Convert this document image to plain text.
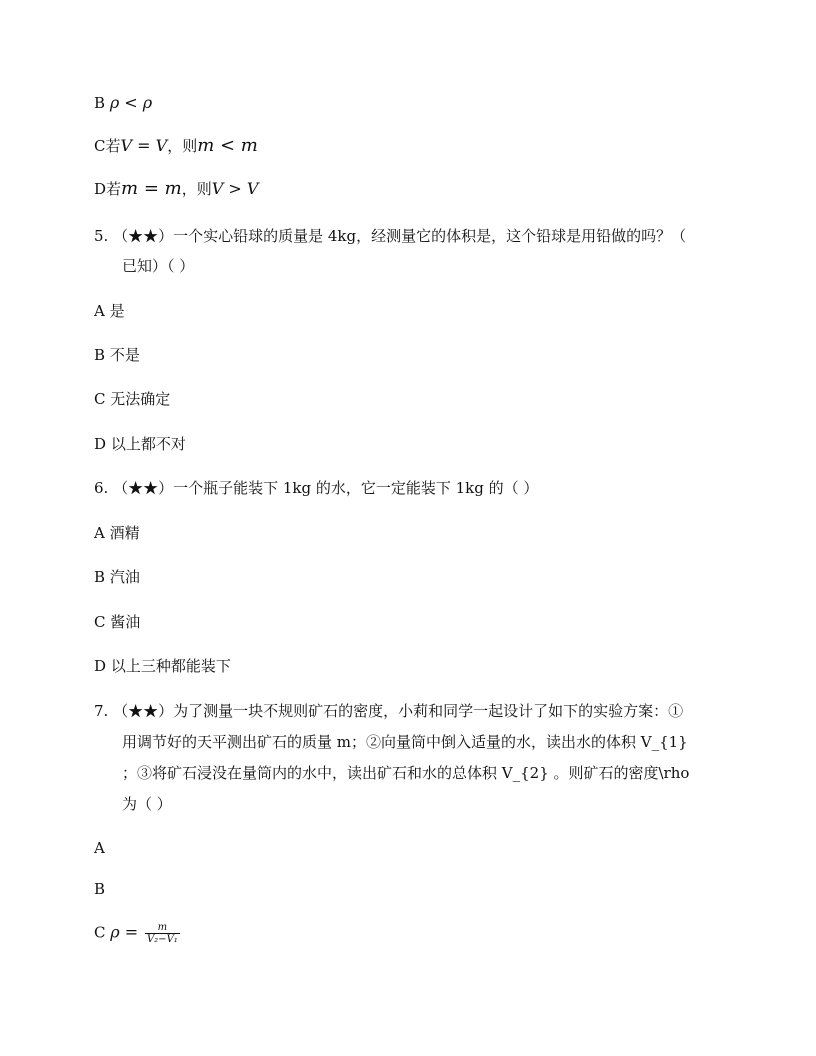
B ρ < ρ
C若V = V，则m < m
D若m = m，则V > V
5. （★★）一个实心铅球的质量是 4kg，经测量它的体积是，这个铅球是用铅做的吗？（
已知）（ ）
A 是
B 不是
C 无法确定
D 以上都不对
6. （★★）一个瓶子能装下 1kg 的水，它一定能装下 1kg 的（ ）
A 酒精
B 汽油
C 酱油
D 以上三种都能装下
7. （★★）为了测量一块不规则矿石的密度，小莉和同学一起设计了如下的实验方案：①
用调节好的天平测出矿石的质量 m；②向量筒中倒入适量的水，读出水的体积 V_{1}
；③将矿石浸没在量筒内的水中，读出矿石和水的总体积 V_{2} 。则矿石的密度\rho
为（ ）
A
B
C $\rho = \frac{m}{\text{V₂−V₁}}$
